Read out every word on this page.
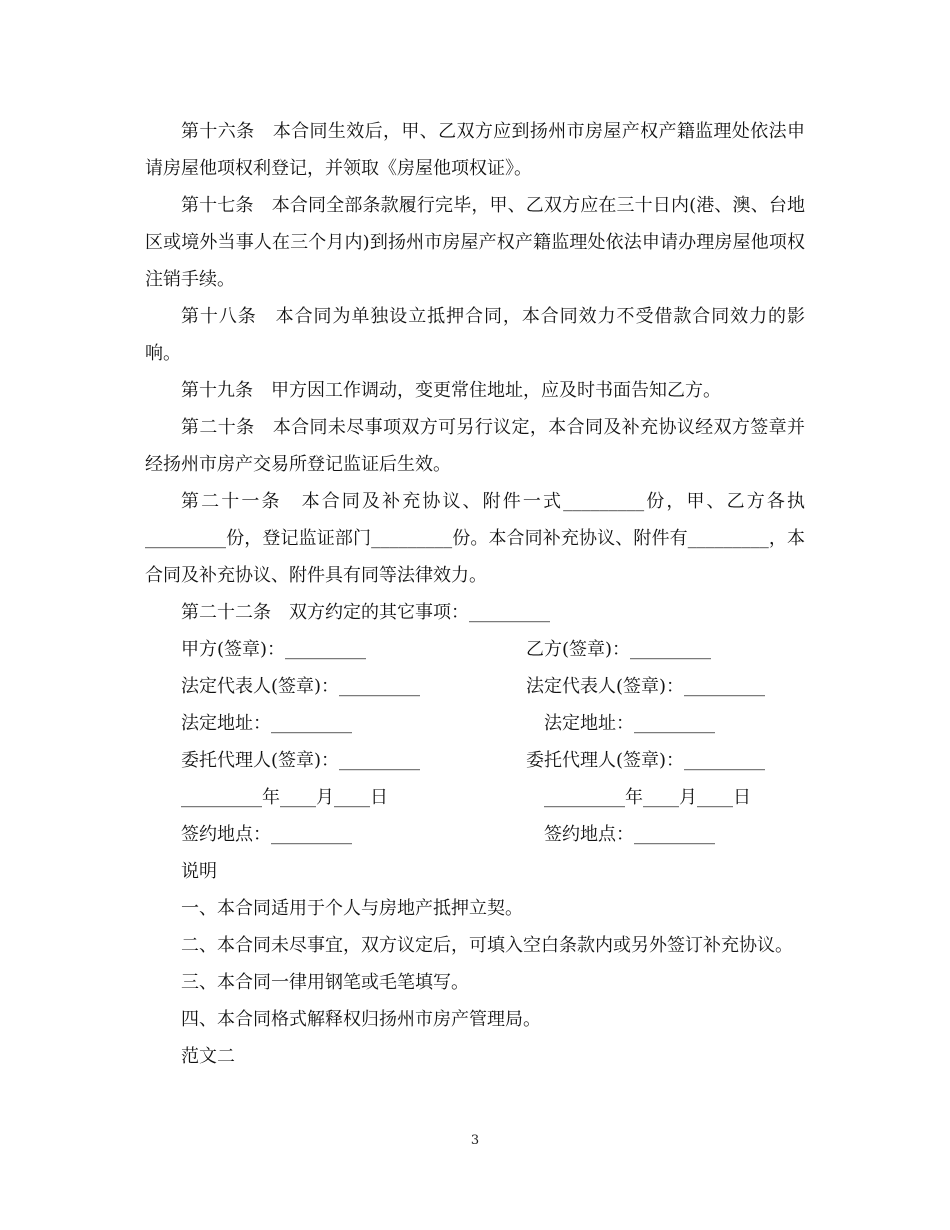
第十六条　本合同生效后，甲、乙双方应到扬州市房屋产权产籍监理处依法申请房屋他项权利登记，并领取《房屋他项权证》。

第十七条　本合同全部条款履行完毕，甲、乙双方应在三十日内(港、澳、台地区或境外当事人在三个月内)到扬州市房屋产权产籍监理处依法申请办理房屋他项权注销手续。

第十八条　本合同为单独设立抵押合同，本合同效力不受借款合同效力的影响。

第十九条　甲方因工作调动，变更常住地址，应及时书面告知乙方。

第二十条　本合同未尽事项双方可另行议定，本合同及补充协议经双方签章并经扬州市房产交易所登记监证后生效。

第二十一条　本合同及补充协议、附件一式_________份，甲、乙方各执_________份，登记监证部门_________份。本合同补充协议、附件有_________，本合同及补充协议、附件具有同等法律效力。

第二十二条　双方约定的其它事项：_________

甲方(签章)：_________	乙方(签章)：_________
法定代表人(签章)：_________	法定代表人(签章)：_________
法定地址：_________	法定地址：_________
委托代理人(签章)：_________	委托代理人(签章)：_________
_________年____月____日	_________年____月____日
签约地点：_________	签约地点：_________

说明

一、本合同适用于个人与房地产抵押立契。

二、本合同未尽事宜，双方议定后，可填入空白条款内或另外签订补充协议。

三、本合同一律用钢笔或毛笔填写。

四、本合同格式解释权归扬州市房产管理局。

范文二

3
